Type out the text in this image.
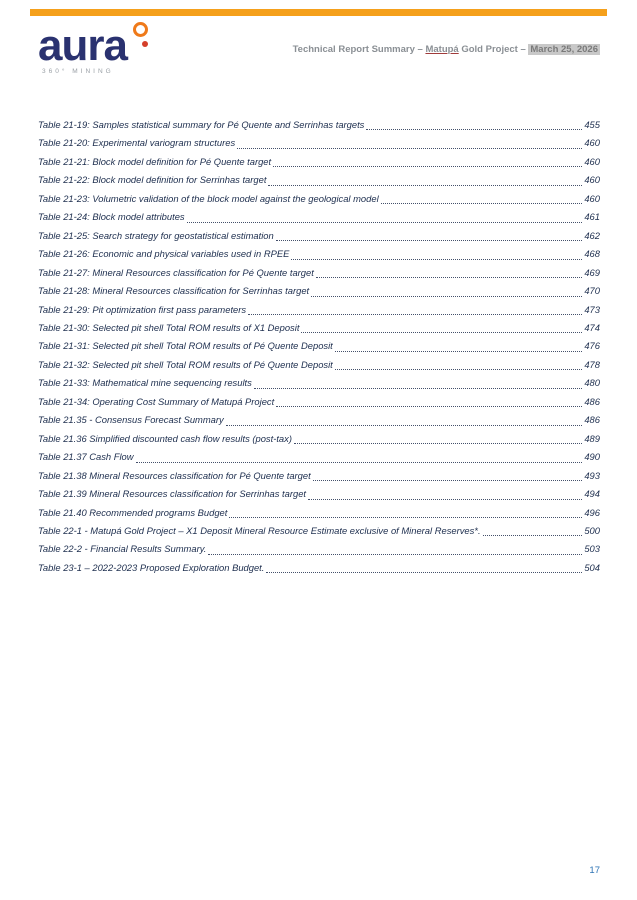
aura
360° MINING
Technical Report Summary – Matupá Gold Project – March 25, 2026
Table 21-19: Samples statistical summary for Pé Quente and Serrinhas targets	455
Table 21-20: Experimental variogram structures	460
Table 21-21: Block model definition for Pé Quente target	460
Table 21-22: Block model definition for Serrinhas target	460
Table 21-23: Volumetric validation of the block model against the geological model	460
Table 21-24: Block model attributes	461
Table 21-25: Search strategy for geostatistical estimation	462
Table 21-26: Economic and physical variables used in RPEE	468
Table 21-27: Mineral Resources classification for Pé Quente target	469
Table 21-28: Mineral Resources classification for Serrinhas target	470
Table 21-29: Pit optimization first pass parameters	473
Table 21-30: Selected pit shell Total ROM results of X1 Deposit	474
Table 21-31: Selected pit shell Total ROM results of Pé Quente Deposit	476
Table 21-32: Selected pit shell Total ROM results of Pé Quente Deposit	478
Table 21-33: Mathematical mine sequencing results	480
Table 21-34: Operating Cost Summary of Matupá Project	486
Table 21.35 - Consensus Forecast Summary	486
Table 21.36 Simplified discounted cash flow results (post-tax)	489
Table 21.37 Cash Flow	490
Table 21.38 Mineral Resources classification for Pé Quente target	493
Table 21.39 Mineral Resources classification for Serrinhas target	494
Table 21.40 Recommended programs Budget	496
Table 22-1 - Matupá Gold Project – X1 Deposit Mineral Resource Estimate exclusive of Mineral Reserves*.	500
Table 22-2 - Financial Results Summary.	503
Table 23-1 – 2022-2023 Proposed Exploration Budget.	504
17
